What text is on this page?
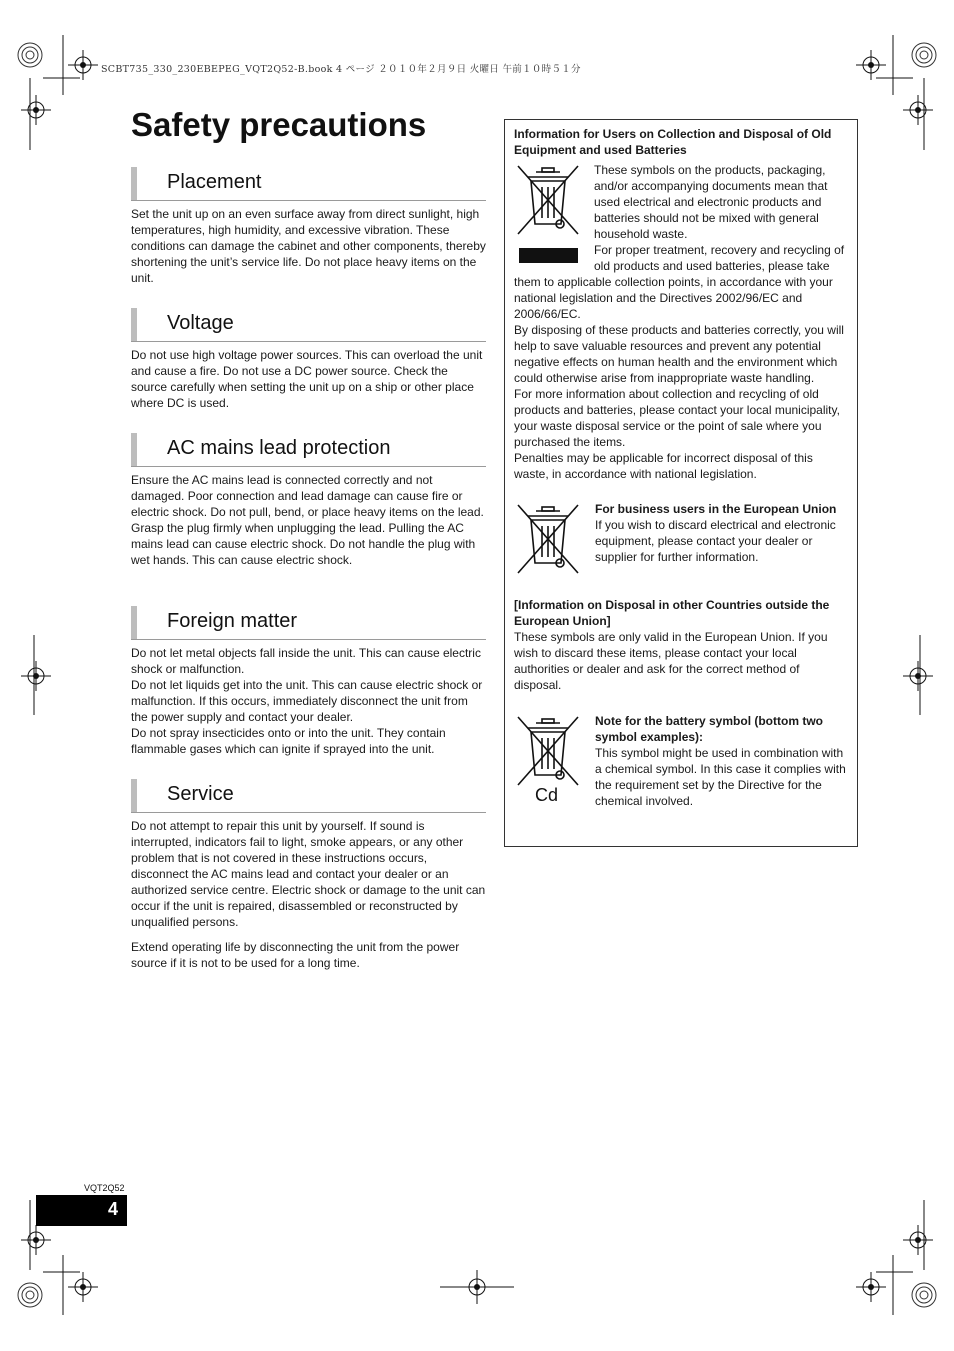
SCBT735_330_230EBEPEG_VQT2Q52-B.book 4 ページ ２０１０年２月９日 火曜日 午前１０時５１分
Safety precautions
Placement

Set the unit up on an even surface away from direct sunlight, high temperatures, high humidity, and excessive vibration. These conditions can damage the cabinet and other components, thereby shortening the unit’s service life. Do not place heavy items on the unit.

Voltage

Do not use high voltage power sources. This can overload the unit and cause a fire. Do not use a DC power source. Check the source carefully when setting the unit up on a ship or other place where DC is used.

AC mains lead protection

Ensure the AC mains lead is connected correctly and not damaged. Poor connection and lead damage can cause fire or electric shock. Do not pull, bend, or place heavy items on the lead.

Grasp the plug firmly when unplugging the lead. Pulling the AC mains lead can cause electric shock. Do not handle the plug with wet hands. This can cause electric shock.

Foreign matter

Do not let metal objects fall inside the unit. This can cause electric shock or malfunction.

Do not let liquids get into the unit. This can cause electric shock or malfunction. If this occurs, immediately disconnect the unit from the power supply and contact your dealer.

Do not spray insecticides onto or into the unit. They contain flammable gases which can ignite if sprayed into the unit.

Service

Do not attempt to repair this unit by yourself. If sound is interrupted, indicators fail to light, smoke appears, or any other problem that is not covered in these instructions occurs, disconnect the AC mains lead and contact your dealer or an authorized service centre. Electric shock or damage to the unit can occur if the unit is repaired, disassembled or reconstructed by unqualified persons.

Extend operating life by disconnecting the unit from the power source if it is not to be used for a long time.

Information for Users on Collection and Disposal of Old Equipment and used Batteries

These symbols on the products, packaging, and/or accompanying documents mean that used electrical and electronic products and batteries should not be mixed with general household waste.

For proper treatment, recovery and recycling of old products and used batteries, please take them to applicable collection points, in accordance with your national legislation and the Directives 2002/96/EC and 2006/66/EC.

By disposing of these products and batteries correctly, you will help to save valuable resources and prevent any potential negative effects on human health and the environment which could otherwise arise from inappropriate waste handling.

For more information about collection and recycling of old products and batteries, please contact your local municipality, your waste disposal service or the point of sale where you purchased the items.

Penalties may be applicable for incorrect disposal of this waste, in accordance with national legislation.

For business users in the European Union

If you wish to discard electrical and electronic equipment, please contact your dealer or supplier for further information.

[Information on Disposal in other Countries outside the European Union]

These symbols are only valid in the European Union. If you wish to discard these items, please contact your local authorities or dealer and ask for the correct method of disposal.

Cd

Note for the battery symbol (bottom two symbol examples):

This symbol might be used in combination with a chemical symbol. In this case it complies with the requirement set by the Directive for the chemical involved.

VQT2Q52
4
